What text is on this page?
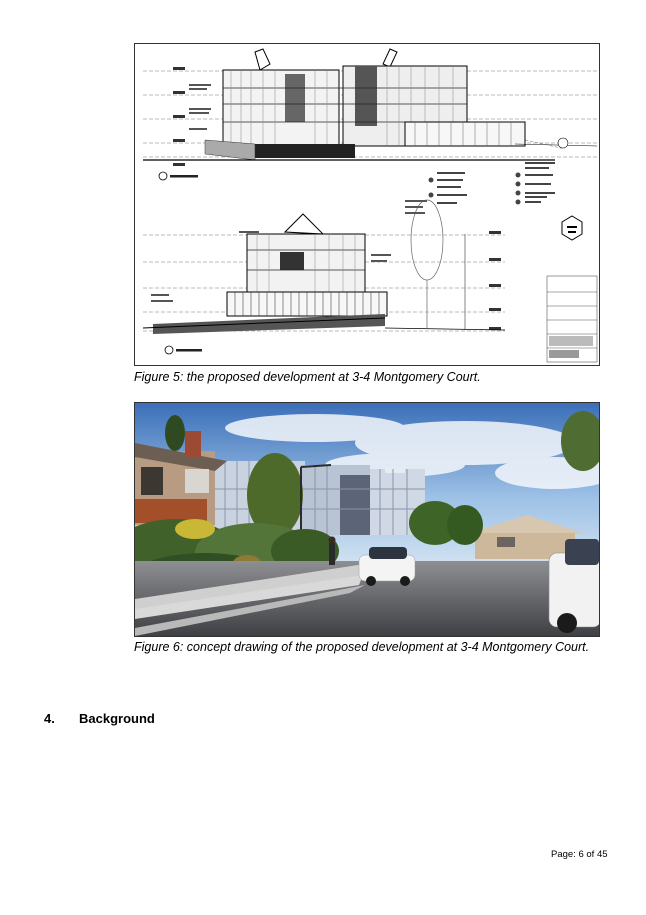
Figure 5: the proposed development at 3-4 Montgomery Court.
Figure 6: concept drawing of the proposed development at 3-4 Montgomery Court.
4. Background
Page: 6 of 45
